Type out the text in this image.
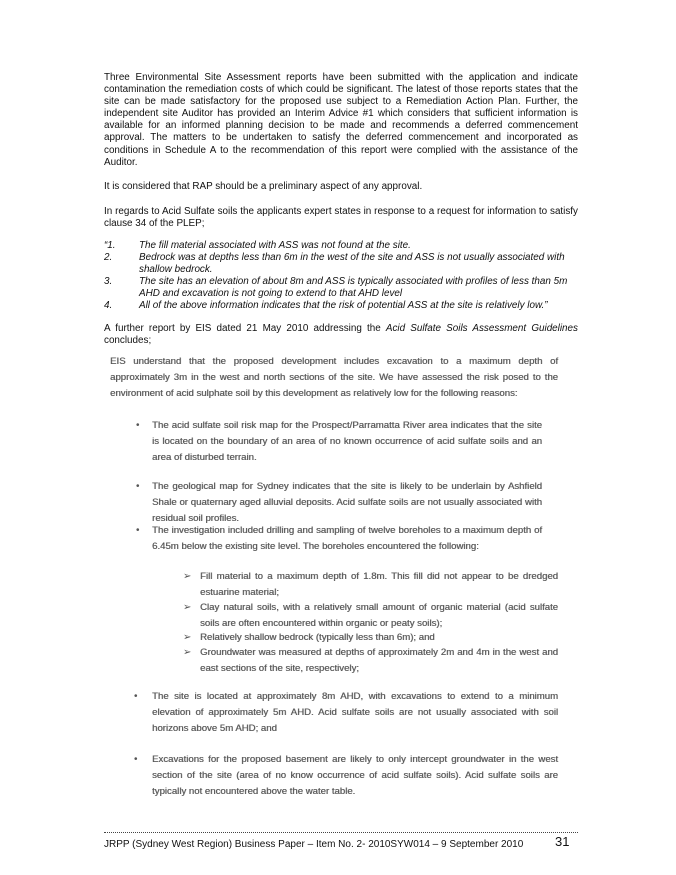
Three Environmental Site Assessment reports have been submitted with the application and indicate contamination the remediation costs of which could be significant. The latest of those reports states that the site can be made satisfactory for the proposed use subject to a Remediation Action Plan. Further, the independent site Auditor has provided an Interim Advice #1 which considers that sufficient information is available for an informed planning decision to be made and recommends a deferred commencement approval. The matters to be undertaken to satisfy the deferred commencement and incorporated as conditions in Schedule A to the recommendation of this report were complied with the assistance of the Auditor.

It is considered that RAP should be a preliminary aspect of any approval.

In regards to Acid Sulfate soils the applicants expert states in response to a request for information to satisfy clause 34 of the PLEP;

“1. The fill material associated with ASS was not found at the site.
2.	Bedrock was at depths less than 6m in the west of the site and ASS is not usually associated with shallow bedrock.
3.	The site has an elevation of about 8m and ASS is typically associated with profiles of less than 5m AHD and excavation is not going to extend to that AHD level
4.	All of the above information indicates that the risk of potential ASS at the site is relatively low.”

A further report by EIS dated 21 May 2010 addressing the Acid Sulfate Soils Assessment Guidelines concludes;

EIS understand that the proposed development includes excavation to a maximum depth of approximately 3m in the west and north sections of the site. We have assessed the risk posed to the environment of acid sulphate soil by this development as relatively low for the following reasons:

• The acid sulfate soil risk map for the Prospect/Parramatta River area indicates that the site is located on the boundary of an area of no known occurrence of acid sulfate soils and an area of disturbed terrain.

• The geological map for Sydney indicates that the site is likely to be underlain by Ashfield Shale or quaternary aged alluvial deposits. Acid sulfate soils are not usually associated with residual soil profiles.

• The investigation included drilling and sampling of twelve boreholes to a maximum depth of 6.45m below the existing site level. The boreholes encountered the following:

➢ Fill material to a maximum depth of 1.8m. This fill did not appear to be dredged estuarine material;

➢ Clay natural soils, with a relatively small amount of organic material (acid sulfate soils are often encountered within organic or peaty soils);

➢ Relatively shallow bedrock (typically less than 6m); and

➢ Groundwater was measured at depths of approximately 2m and 4m in the west and east sections of the site, respectively;

• The site is located at approximately 8m AHD, with excavations to extend to a minimum elevation of approximately 5m AHD. Acid sulfate soils are not usually associated with soil horizons above 5m AHD; and

• Excavations for the proposed basement are likely to only intercept groundwater in the west section of the site (area of no know occurrence of acid sulfate soils). Acid sulfate soils are typically not encountered above the water table.

JRPP (Sydney West Region) Business Paper – Item No. 2- 2010SYW014 – 9 September 2010 31
